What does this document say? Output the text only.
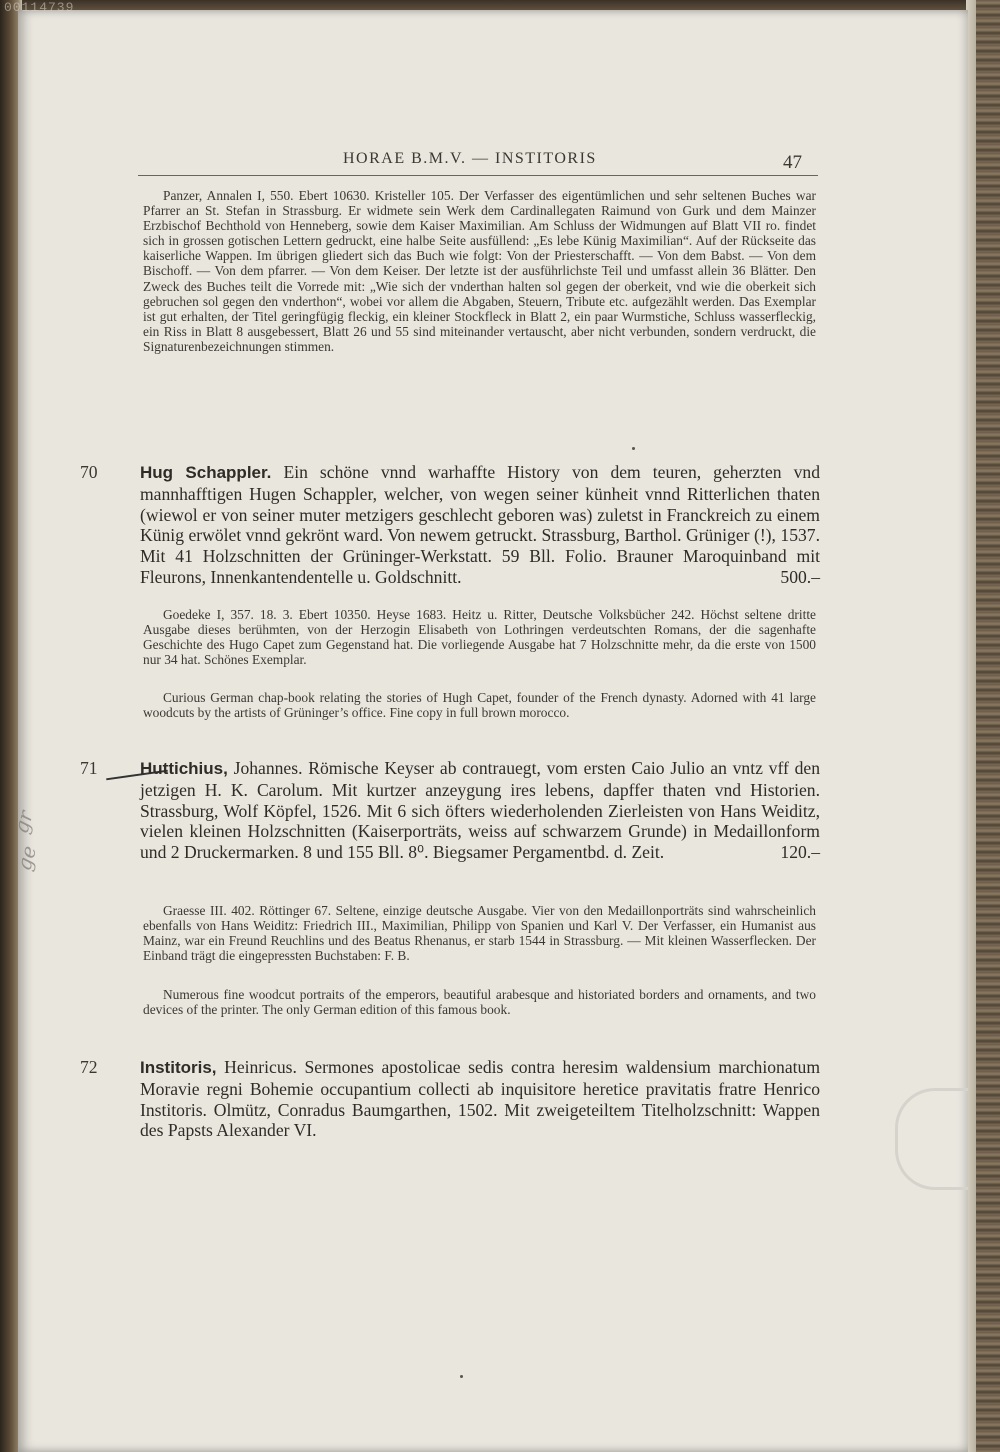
HORAE B.M.V. — INSTITORIS	47
Panzer, Annalen I, 550. Ebert 10630. Kristeller 105. Der Verfasser des eigentümlichen und sehr seltenen Buches war Pfarrer an St. Stefan in Strassburg. Er widmete sein Werk dem Cardinallegaten Raimund von Gurk und dem Mainzer Erzbischof Bechthold von Henneberg, sowie dem Kaiser Maximilian. Am Schluss der Widmungen auf Blatt VII ro. findet sich in grossen gotischen Lettern gedruckt, eine halbe Seite ausfüllend: „Es lebe Künig Maximilian“. Auf der Rückseite das kaiserliche Wappen. Im übrigen gliedert sich das Buch wie folgt: Von der Priesterschafft. — Von dem Babst. — Von dem Bischoff. — Von dem pfarrer. — Von dem Keiser. Der letzte ist der ausführlichste Teil und umfasst allein 36 Blätter. Den Zweck des Buches teilt die Vorrede mit: „Wie sich der vnderthan halten sol gegen der oberkeit, vnd wie die oberkeit sich gebruchen sol gegen den vnderthon“, wobei vor allem die Abgaben, Steuern, Tribute etc. aufgezählt werden. Das Exemplar ist gut erhalten, der Titel geringfügig fleckig, ein kleiner Stockfleck in Blatt 2, ein paar Wurmstiche, Schluss wasserfleckig, ein Riss in Blatt 8 ausgebessert, Blatt 26 und 55 sind miteinander vertauscht, aber nicht verbunden, sondern verdruckt, die Signaturenbezeichnungen stimmen.
70 Hug Schappler. Ein schöne vnnd warhaffte History von dem teuren, geherzten vnd mannhafftigen Hugen Schappler, welcher, von wegen seiner künheit vnnd Ritterlichen thaten (wiewol er von seiner muter metzigers geschlecht geboren was) zuletst in Franckreich zu einem Künig erwölet vnnd gekrönt ward. Von newem getruckt. Strassburg, Barthol. Grüniger (!), 1537. Mit 41 Holzschnitten der Grüninger-Werkstatt. 59 Bll. Folio. Brauner Maroquinband mit Fleurons, Innenkantendentelle u. Goldschnitt.	500.–
Goedeke I, 357. 18. 3. Ebert 10350. Heyse 1683. Heitz u. Ritter, Deutsche Volksbücher 242. Höchst seltene dritte Ausgabe dieses berühmten, von der Herzogin Elisabeth von Lothringen verdeutschten Romans, der die sagenhafte Geschichte des Hugo Capet zum Gegenstand hat. Die vorliegende Ausgabe hat 7 Holzschnitte mehr, da die erste von 1500 nur 34 hat. Schönes Exemplar.
Curious German chap-book relating the stories of Hugh Capet, founder of the French dynasty. Adorned with 41 large woodcuts by the artists of Grüninger’s office. Fine copy in full brown morocco.
71 Huttichius, Johannes. Römische Keyser ab contrauegt, vom ersten Caio Julio an vntz vff den jetzigen H. K. Carolum. Mit kurtzer anzeygung ires lebens, dapffer thaten vnd Historien. Strassburg, Wolf Köpfel, 1526. Mit 6 sich öfters wiederholenden Zierleisten von Hans Weiditz, vielen kleinen Holzschnitten (Kaiserporträts, weiss auf schwarzem Grunde) in Medaillonform und 2 Druckermarken. 8 und 155 Bll. 8⁰. Biegsamer Pergamentbd. d. Zeit.	120.–
Graesse III. 402. Röttinger 67. Seltene, einzige deutsche Ausgabe. Vier von den Medaillonporträts sind wahrscheinlich ebenfalls von Hans Weiditz: Friedrich III., Maximilian, Philipp von Spanien und Karl V. Der Verfasser, ein Humanist aus Mainz, war ein Freund Reuchlins und des Beatus Rhenanus, er starb 1544 in Strassburg. — Mit kleinen Wasserflecken. Der Einband trägt die eingepressten Buchstaben: F. B.
Numerous fine woodcut portraits of the emperors, beautiful arabesque and historiated borders and ornaments, and two devices of the printer. The only German edition of this famous book.
gr
ge
72 Institoris, Heinricus. Sermones apostolicae sedis contra heresim waldensium marchionatum Moravie regni Bohemie occupantium collecti ab inquisitore heretice pravitatis fratre Henrico Institoris. Olmütz, Conradus Baumgarthen, 1502. Mit zweigeteiltem Titelholzschnitt: Wappen des Papsts Alexander VI.
00114739
